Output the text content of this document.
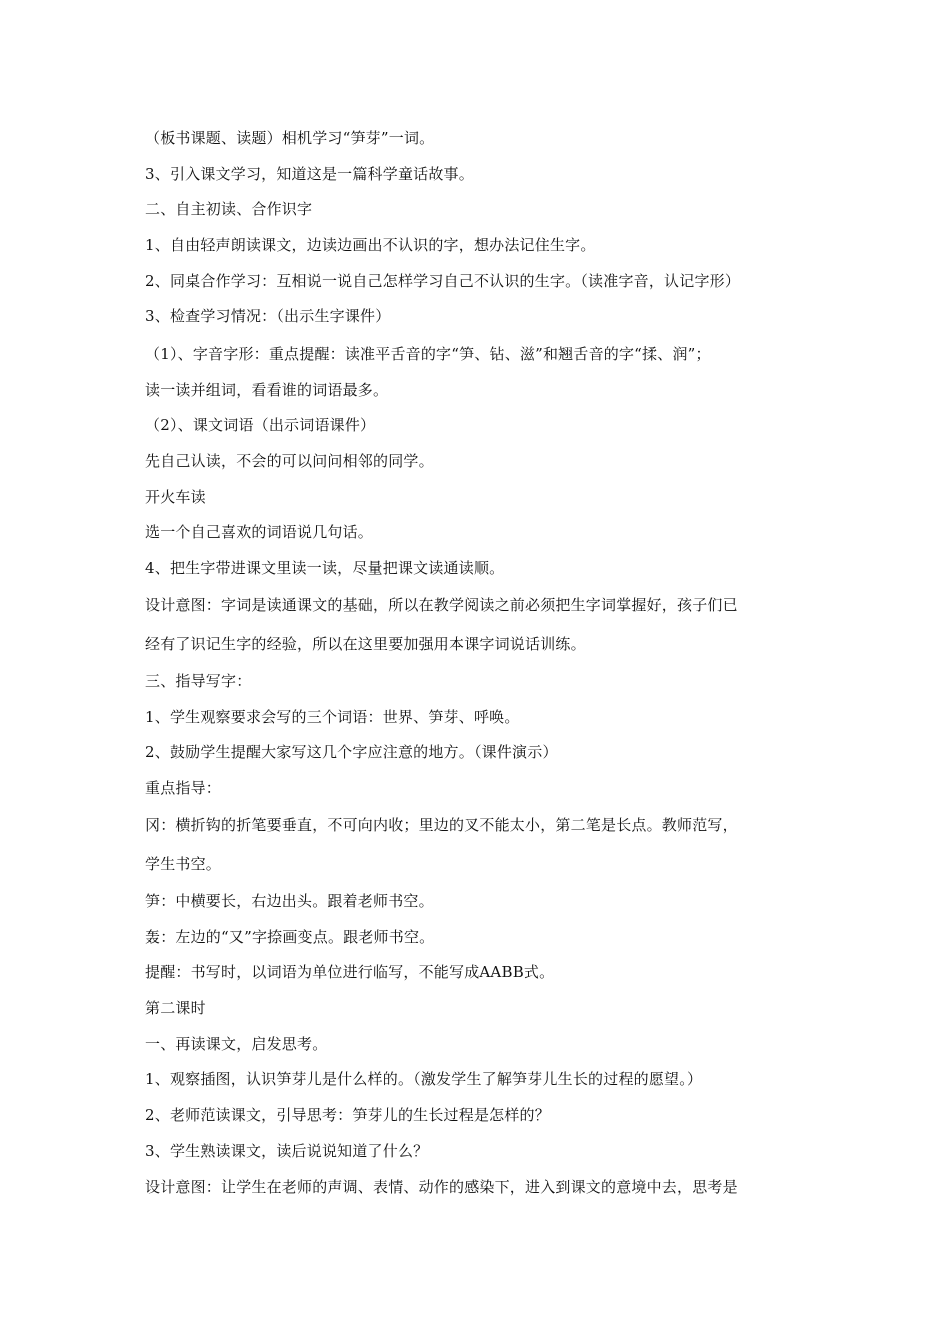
（板书课题、读题）相机学习“笋芽”一词。
3、引入课文学习，知道这是一篇科学童话故事。
二、自主初读、合作识字
1、自由轻声朗读课文，边读边画出不认识的字，想办法记住生字。
2、同桌合作学习：互相说一说自己怎样学习自己不认识的生字。（读准字音，认记字形）
3、检查学习情况：（出示生字课件）
（1）、字音字形：重点提醒：读准平舌音的字“笋、钻、滋”和翘舌音的字“揉、润”；
读一读并组词，看看谁的词语最多。
（2）、课文词语（出示词语课件）
先自己认读，不会的可以问问相邻的同学。
开火车读
选一个自己喜欢的词语说几句话。
4、把生字带进课文里读一读，尽量把课文读通读顺。
设计意图：字词是读通课文的基础，所以在教学阅读之前必须把生字词掌握好，孩子们已
经有了识记生字的经验，所以在这里要加强用本课字词说话训练。
三、指导写字：
1、学生观察要求会写的三个词语：世界、笋芽、呼唤。
2、鼓励学生提醒大家写这几个字应注意的地方。（课件演示）
重点指导：
冈：横折钩的折笔要垂直，不可向内收；里边的叉不能太小，第二笔是长点。教师范写，
学生书空。
笋：中横要长，右边出头。跟着老师书空。
轰：左边的“又”字捺画变点。跟老师书空。
提醒：书写时，以词语为单位进行临写，不能写成AABB式。
第二课时
一、再读课文，启发思考。
1、观察插图，认识笋芽儿是什么样的。（激发学生了解笋芽儿生长的过程的愿望。）
2、老师范读课文，引导思考：笋芽儿的生长过程是怎样的？
3、学生熟读课文，读后说说知道了什么？
设计意图：让学生在老师的声调、表情、动作的感染下，进入到课文的意境中去，思考是
